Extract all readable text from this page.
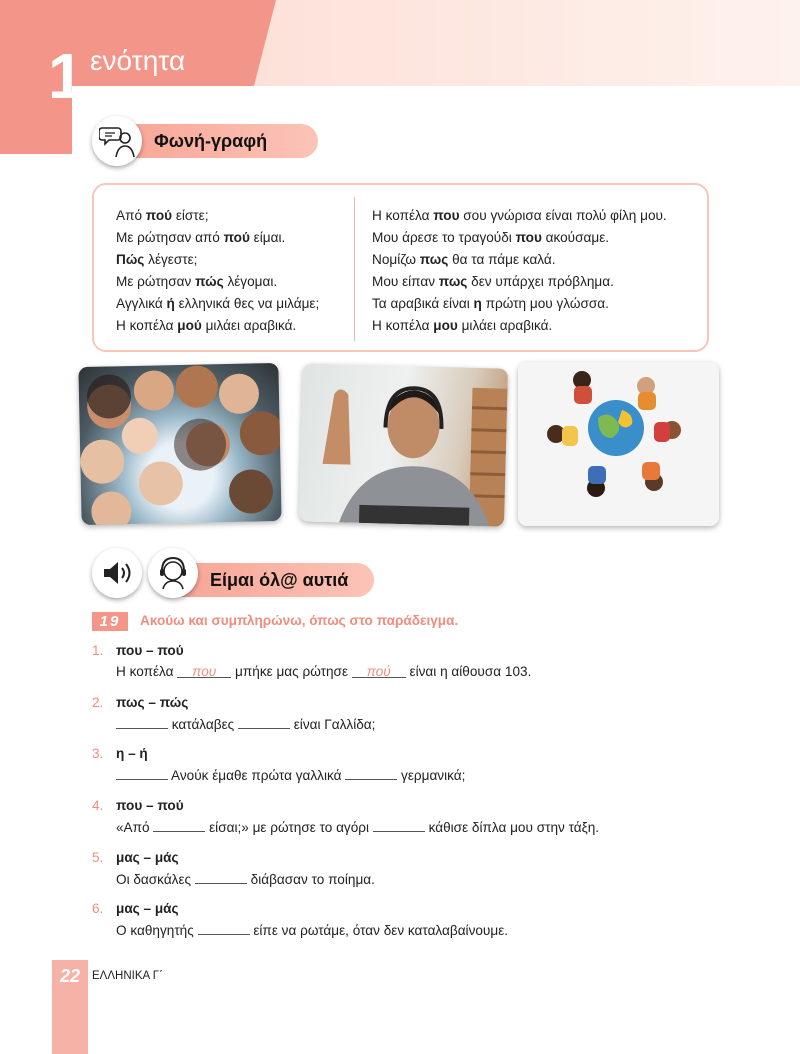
1 ενότητα
Φωνή-γραφή
Από πού είστε;
Με ρώτησαν από πού είμαι.
Πώς λέγεστε;
Με ρώτησαν πώς λέγομαι.
Αγγλικά ή ελληνικά θες να μιλάμε;
Η κοπέλα μού μιλάει αραβικά.
Η κοπέλα που σου γνώρισα είναι πολύ φίλη μου.
Μου άρεσε το τραγούδι που ακούσαμε.
Νομίζω πως θα τα πάμε καλά.
Μου είπαν πως δεν υπάρχει πρόβλημα.
Τα αραβικά είναι η πρώτη μου γλώσσα.
Η κοπέλα μου μιλάει αραβικά.
Είμαι όλ@ αυτιά
19	Ακούω και συμπληρώνω, όπως στο παράδειγμα.
1. που – πού
Η κοπέλα που μπήκε μας ρώτησε πού είναι η αίθουσα 103.
2. πως – πώς
κατάλαβες	είναι Γαλλίδα;
3. η – ή
Ανούκ έμαθε πρώτα γαλλικά	γερμανικά;
4. που – πού
«Από	είσαι;» με ρώτησε το αγόρι	κάθισε δίπλα μου στην τάξη.
5. μας – μάς
Οι δασκάλες	διάβασαν το ποίημα.
6. μας – μάς
Ο καθηγητής	είπε να ρωτάμε, όταν δεν καταλαβαίνουμε.
22	ΕΛΛΗΝΙΚΑ Γ΄
